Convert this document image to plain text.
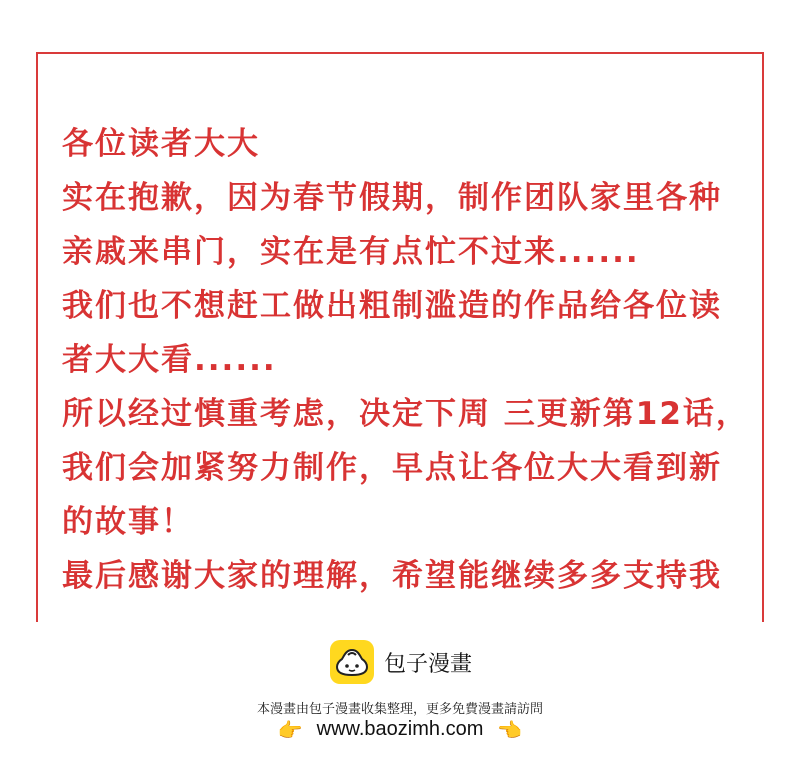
各位读者大大
实在抱歉，因为春节假期，制作团队家里各种
亲戚来串门，实在是有点忙不过来......
我们也不想赶工做出粗制滥造的作品给各位读
者大大看......
所以经过慎重考虑，决定下周 三更新第12话，
我们会加紧努力制作，早点让各位大大看到新
的故事！
最后感谢大家的理解，希望能继续多多支持我
包子漫畫
本漫畫由包子漫畫收集整理，更多免費漫畫請訪問
👉 www.baozimh.com 👈
